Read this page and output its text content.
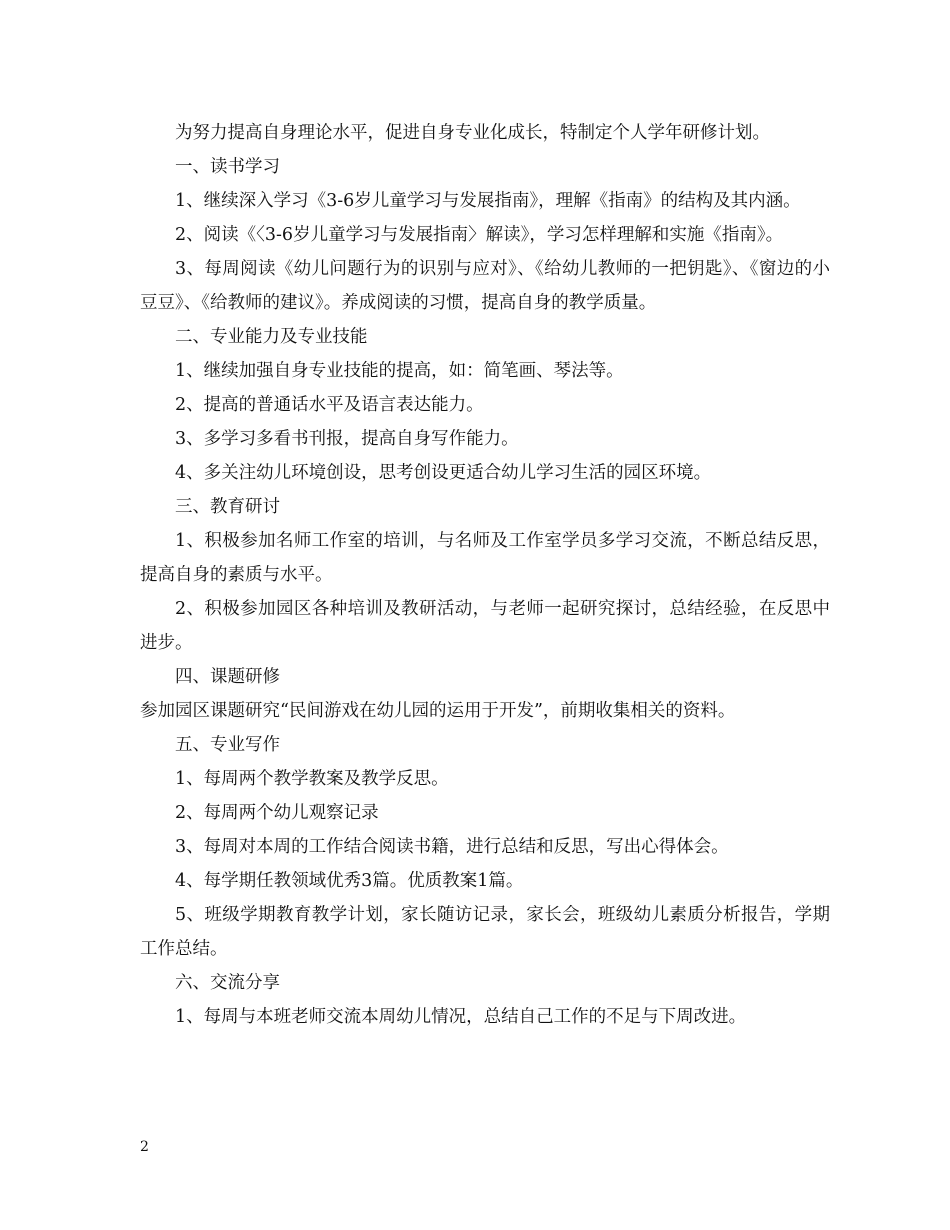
为努力提高自身理论水平，促进自身专业化成长，特制定个人学年研修计划。

一、读书学习

1、继续深入学习《3-6岁儿童学习与发展指南》，理解《指南》的结构及其内涵。

2、阅读《〈3-6岁儿童学习与发展指南〉解读》，学习怎样理解和实施《指南》。

3、每周阅读《幼儿问题行为的识别与应对》、《给幼儿教师的一把钥匙》、《窗边的小豆豆》、《给教师的建议》。养成阅读的习惯，提高自身的教学质量。

二、专业能力及专业技能

1、继续加强自身专业技能的提高，如：简笔画、琴法等。

2、提高的普通话水平及语言表达能力。

3、多学习多看书刊报，提高自身写作能力。

4、多关注幼儿环境创设，思考创设更适合幼儿学习生活的园区环境。

三、教育研讨

1、积极参加名师工作室的培训，与名师及工作室学员多学习交流，不断总结反思，提高自身的素质与水平。

2、积极参加园区各种培训及教研活动，与老师一起研究探讨，总结经验，在反思中进步。

四、课题研修

参加园区课题研究“民间游戏在幼儿园的运用于开发”，前期收集相关的资料。

五、专业写作

1、每周两个教学教案及教学反思。

2、每周两个幼儿观察记录

3、每周对本周的工作结合阅读书籍，进行总结和反思，写出心得体会。

4、每学期任教领域优秀3篇。优质教案1篇。

5、班级学期教育教学计划，家长随访记录，家长会，班级幼儿素质分析报告，学期工作总结。

六、交流分享

1、每周与本班老师交流本周幼儿情况，总结自己工作的不足与下周改进。

2
